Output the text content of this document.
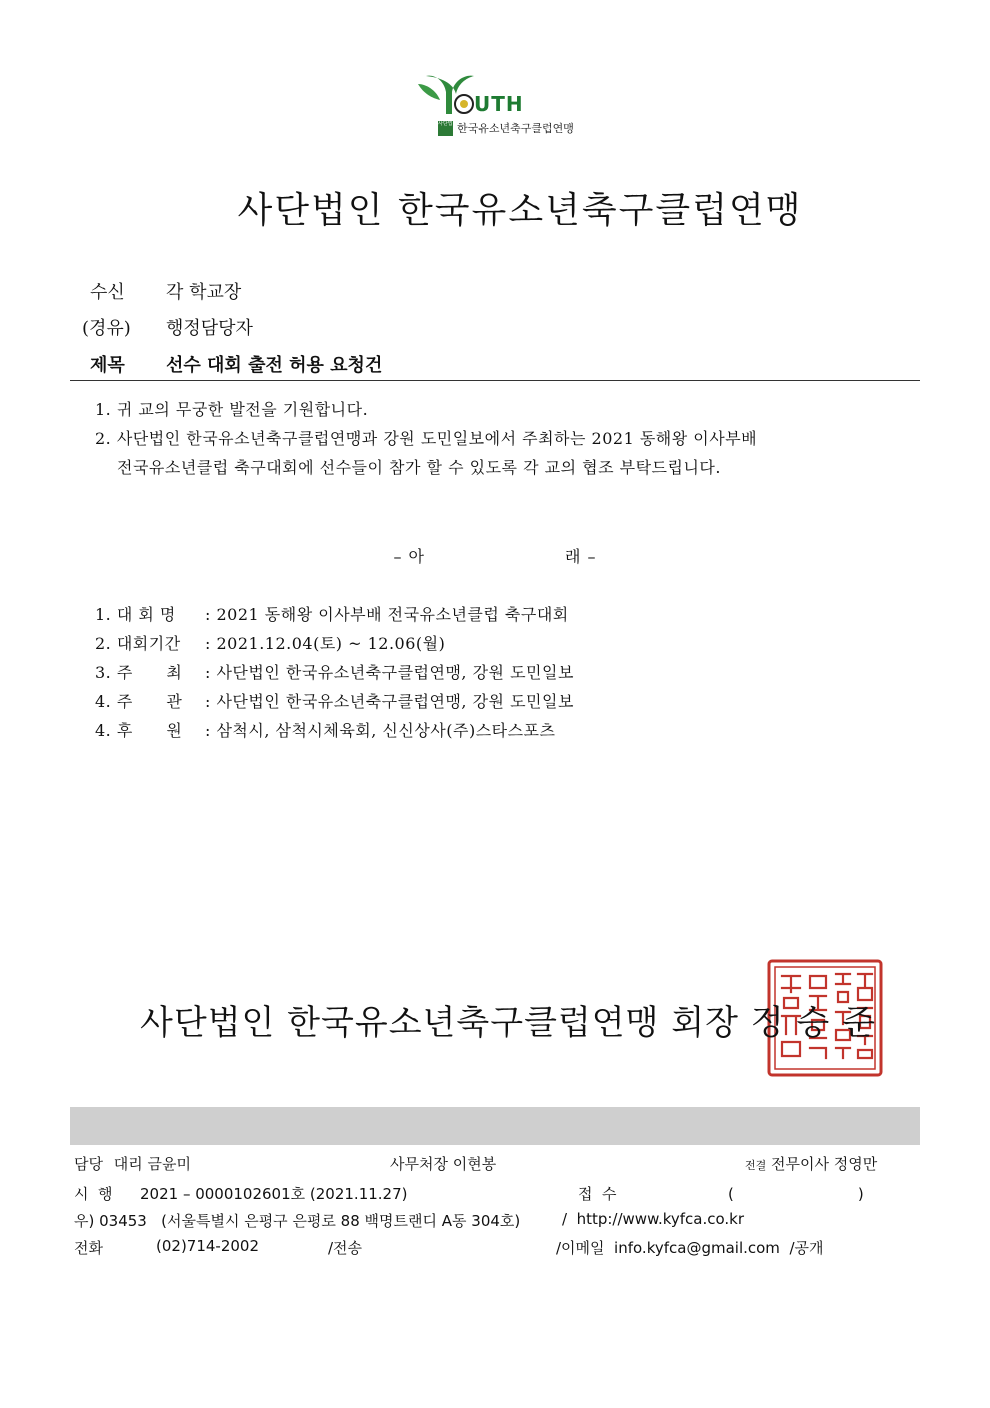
UTH
사단법인 한국유소년축구클럽연맹
사단법인 한국유소년축구클럽연맹
수신 각 학교장
(경유) 행정담당자
제목 선수 대회 출전 허용 요청건
1. 귀 교의 무궁한 발전을 기원합니다.
2. 사단법인 한국유소년축구클럽연맹과 강원 도민일보에서 주최하는 2021 동해왕 이사부배
전국유소년클럽 축구대회에 선수들이 참가 할 수 있도록 각 교의 협조 부탁드립니다.
– 아	래 –
1. 대 회 명 : 2021 동해왕 이사부배 전국유소년클럽 축구대회
2. 대회기간 : 2021.12.04(토) ~ 12.06(월)
3. 주      최 : 사단법인 한국유소년축구클럽연맹, 강원 도민일보
4. 주      관 : 사단법인 한국유소년축구클럽연맹, 강원 도민일보
4. 후      원 : 삼척시, 삼척시체육회, 신신상사(주)스타스포츠
사단법인 한국유소년축구클럽연맹 회장 정 승 준
담당 대리 금윤미	사무처장 이현봉	전결 전무이사 정영만
시  행 2021 – 0000102601호 (2021.11.27)	접  수	(                          )
우) 03453   (서울특별시 은평구 은평로 88 백명트랜디 A동 304호)	/  http://www.kyfca.co.kr
전화	(02)714-2002	/전송	/이메일  info.kyfca@gmail.com  /공개
